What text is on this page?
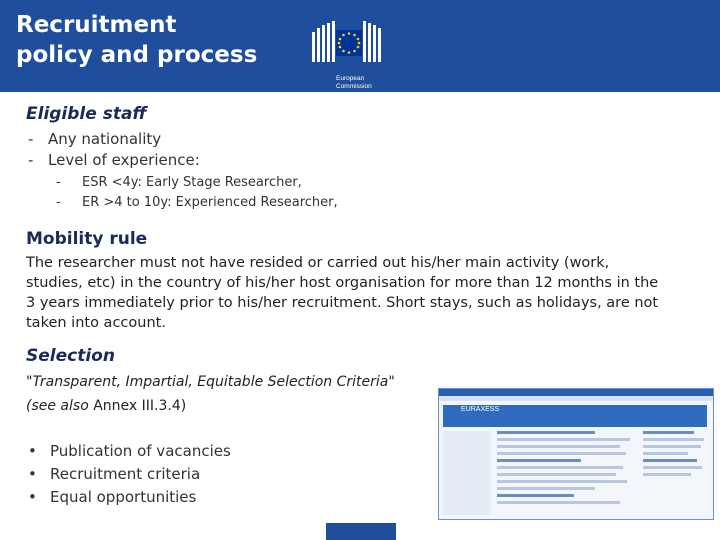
Recruitment
policy and process
European
Commission
Eligible staff
- Any nationality
- Level of experience:
- ESR <4y: Early Stage Researcher,
- ER >4 to 10y: Experienced Researcher,
Mobility rule

The researcher must not have resided or carried out his/her main activity (work, studies, etc) in the country of his/her host organisation for more than 12 months in the 3 years immediately prior to his/her recruitment. Short stays, such as holidays, are not taken into account.

Selection
"Transparent, Impartial, Equitable Selection Criteria"
(see also Annex III.3.4)
• Publication of vacancies
• Recruitment criteria
• Equal opportunities
EURAXESS
